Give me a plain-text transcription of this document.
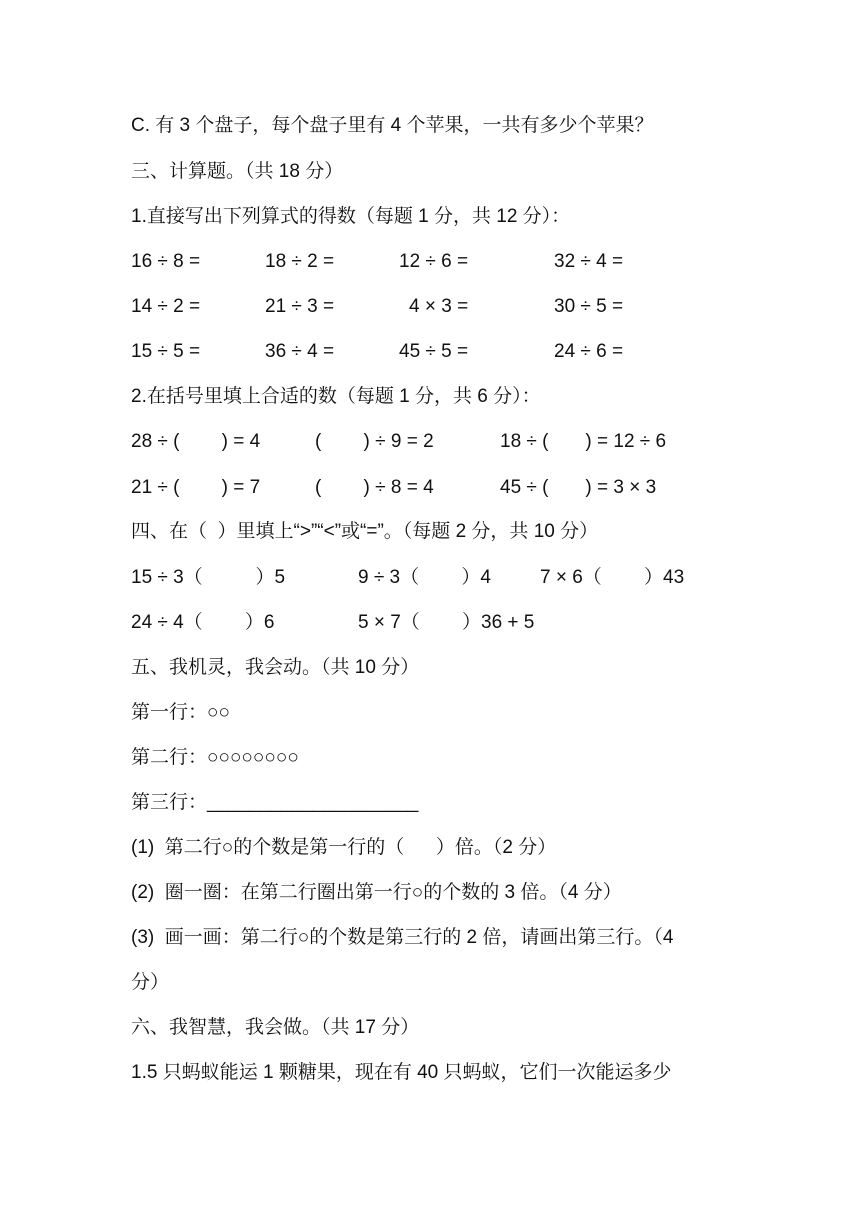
C. 有 3 个盘子，每个盘子里有 4 个苹果，一共有多少个苹果？
三、计算题。（共 18 分）
1.直接写出下列算式的得数（每题 1 分，共 12 分）：
16 ÷ 8 =	18 ÷ 2 =	12 ÷ 6 =	32 ÷ 4 =
14 ÷ 2 =	21 ÷ 3 =	4 × 3 =	30 ÷ 5 =
15 ÷ 5 =	36 ÷ 4 =	45 ÷ 5 =	24 ÷ 6 =
2.在括号里填上合适的数（每题 1 分，共 6 分）：
28 ÷ (        ) = 4	(        ) ÷ 9 = 2	18 ÷ (       ) = 12 ÷ 6
21 ÷ (        ) = 7	(        ) ÷ 8 = 4	45 ÷ (       ) = 3 × 3
四、在（  ）里填上“>”“<”或“=”。（每题 2 分，共 10 分）
15 ÷ 3（          ）5	9 ÷ 3（        ）4	7 × 6（        ）43
24 ÷ 4（        ）6	5 × 7（        ）36 + 5
五、我机灵，我会动。（共 10 分）
第一行：○○
第二行：○○○○○○○○
第三行：____________________
(1)  第二行○的个数是第一行的（      ）倍。（2 分）
(2)  圈一圈：在第二行圈出第一行○的个数的 3 倍。（4 分）
(3)  画一画：第二行○的个数是第三行的 2 倍，请画出第三行。（4
分）
六、我智慧，我会做。（共 17 分）
1.5 只蚂蚁能运 1 颗糖果，现在有 40 只蚂蚁，它们一次能运多少
